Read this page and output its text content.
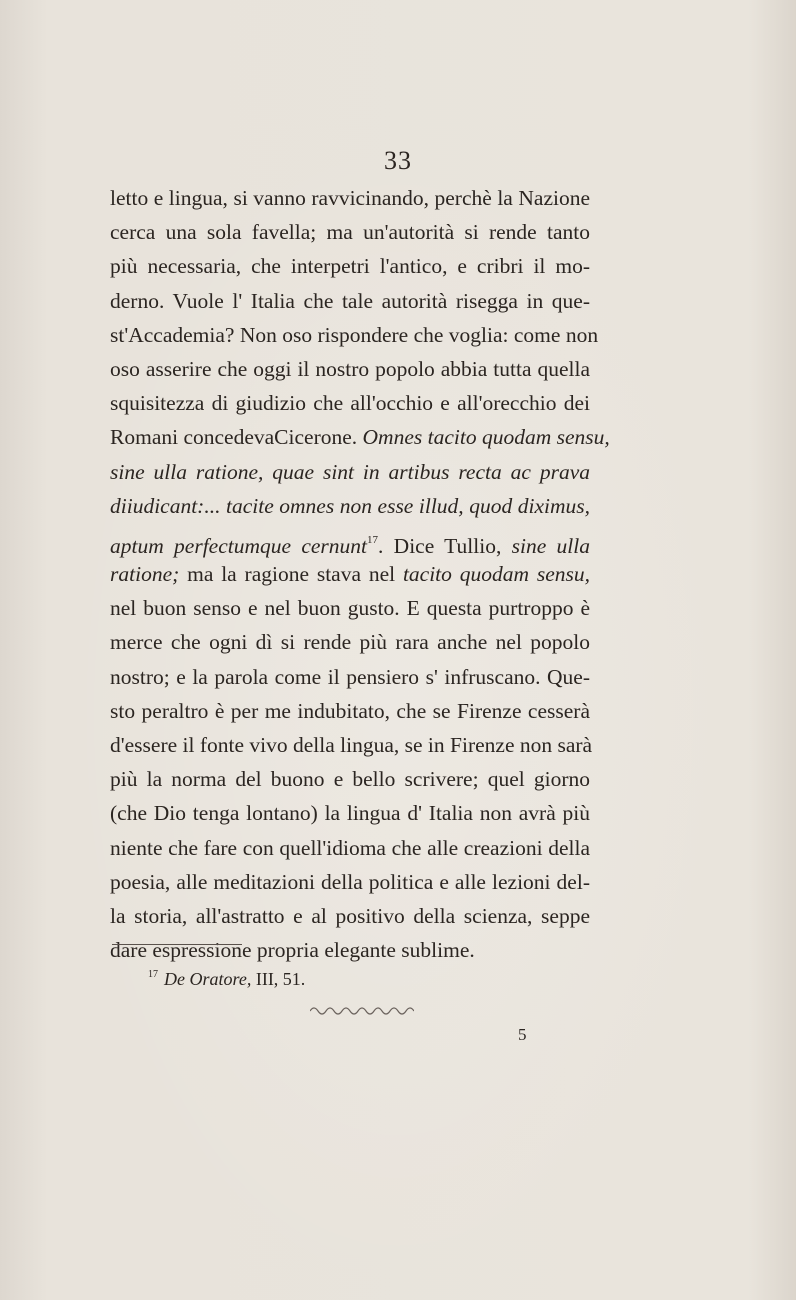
33
letto e lingua, si vanno ravvicinando, perchè la Nazione
cerca una sola favella; ma un'autorità si rende tanto
più necessaria, che interpetri l'antico, e cribri il mo-
derno. Vuole l' Italia che tale autorità risegga in que-
st'Accademia? Non oso rispondere che voglia: come non
oso asserire che oggi il nostro popolo abbia tutta quella
squisitezza di giudizio che all'occhio e all'orecchio dei
Romani concedevaCicerone. Omnes tacito quodam sensu,
sine ulla ratione, quae sint in artibus recta ac prava
diiudicant:... tacite omnes non esse illud, quod diximus,
aptum perfectumque cernunt$^{17}$. Dice Tullio, sine ulla
ratione; ma la ragione stava nel tacito quodam sensu,
nel buon senso e nel buon gusto. E questa purtroppo è
merce che ogni dì si rende più rara anche nel popolo
nostro; e la parola come il pensiero s' infruscano. Que-
sto peraltro è per me indubitato, che se Firenze cesserà
d'essere il fonte vivo della lingua, se in Firenze non sarà
più la norma del buono e bello scrivere; quel giorno
(che Dio tenga lontano) la lingua d' Italia non avrà più
niente che fare con quell'idioma che alle creazioni della
poesia, alle meditazioni della politica e alle lezioni del-
la storia, all'astratto e al positivo della scienza, seppe
dare espressione propria elegante sublime.
$^{17}$ De Oratore, III, 51.
5
